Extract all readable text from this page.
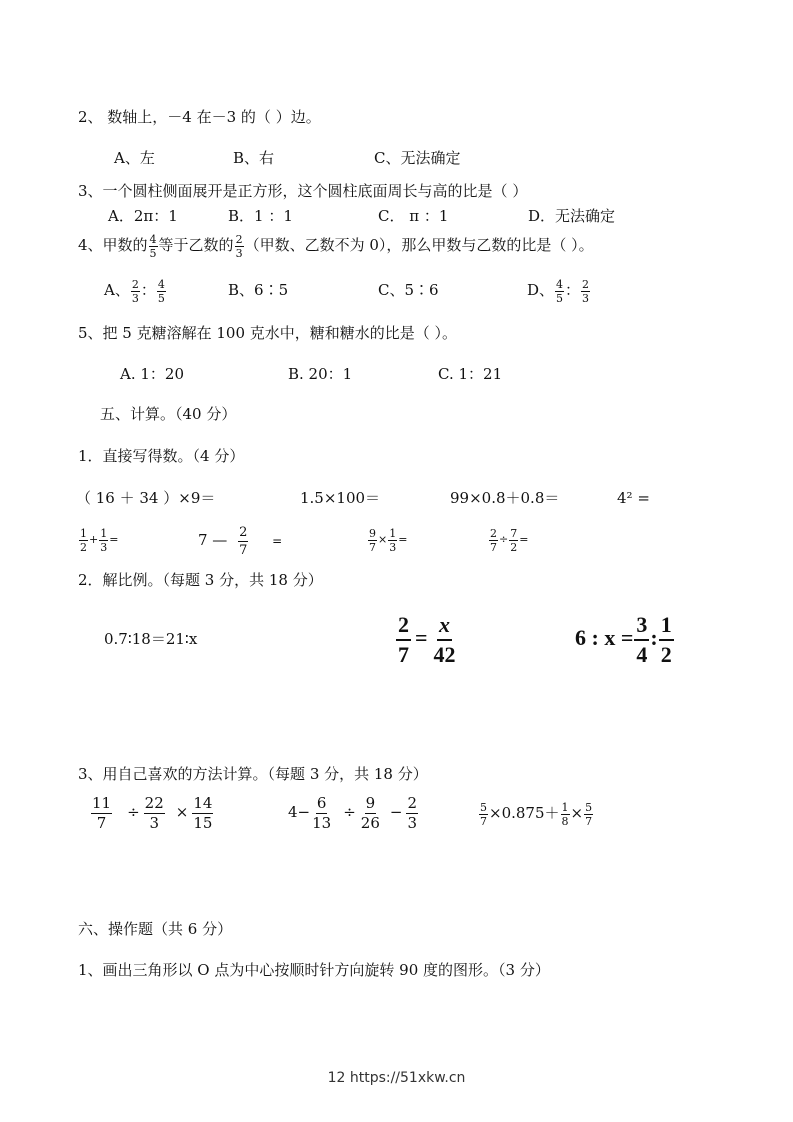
2、 数轴上，－4 在－3 的（ ）边。
A、左	B、右	C、无法确定
3、一个圆柱侧面展开是正方形，这个圆柱底面周长与高的比是（ ）
A．2π：1	B．1 ：1	C． π ：1	D．无法确定
4、甲数的 $\frac{4}{5}$ 等于乙数的 $\frac{2}{3}$ （甲数、乙数不为 0），那么甲数与乙数的比是（ ）。
A、 $\frac{2}{3}$ ： $\frac{4}{5}$	B、6∶5	C、5∶6	D、 $\frac{4}{5}$ ： $\frac{2}{3}$
5、把 5 克糖溶解在 100 克水中，糖和糖水的比是（ ）。
A. 1：20	B. 20：1	C. 1：21
五、计算。（40 分）
1．直接写得数。（4 分）
（ 16 ＋ 34 ）×9＝	1.5×100＝	99×0.8＋0.8＝	4² =
$\frac{1}{2} + \frac{1}{3}$ =	7 — $\frac{2}{7}$ =	$\frac{9}{7} \times \frac{1}{3}$ =	$\frac{2}{7} \div \frac{7}{2}$ =
2．解比例。（每题 3 分，共 18 分）
0.7∶18＝21∶x	$\frac{2}{7} = \frac{x}{42}$	6 : $x = \frac{3}{4}$ : $\frac{1}{2}$
3、用自己喜欢的方法计算。（每题 3 分，共 18 分）
$\frac{11}{7} \div \frac{22}{3} \times \frac{14}{15}$	$4- \frac{6}{13} \div \frac{9}{26} - \frac{2}{3}$	$\frac{5}{7} \times 0.875+ \frac{1}{8} \times \frac{5}{7}$
六、操作题（共 6 分）
1、画出三角形以 O 点为中心按顺时针方向旋转 90 度的图形。（3 分）
12 https://51xkw.cn
